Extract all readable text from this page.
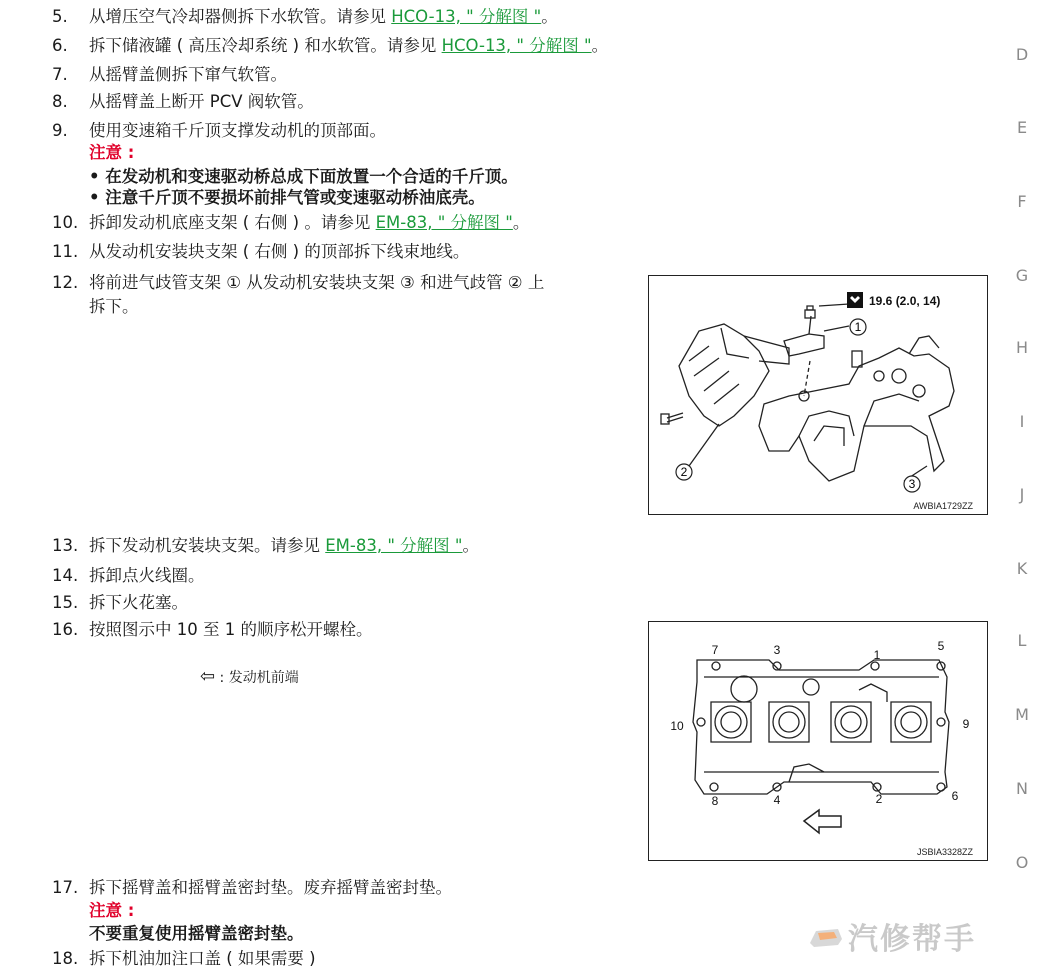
5. 从增压空气冷却器侧拆下水软管。请参见 HCO-13, " 分解图 "。
6. 拆下储液罐 ( 高压冷却系统 ) 和水软管。请参见 HCO-13, " 分解图 "。
7. 从摇臂盖侧拆下窜气软管。
8. 从摇臂盖上断开 PCV 阀软管。
9. 使用变速箱千斤顶支撑发动机的顶部面。
注意 :
• 在发动机和变速驱动桥总成下面放置一个合适的千斤顶。
• 注意千斤顶不要损坏前排气管或变速驱动桥油底壳。
10. 拆卸发动机底座支架 ( 右侧 ) 。请参见 EM-83, " 分解图 "。
11. 从发动机安装块支架 ( 右侧 ) 的顶部拆下线束地线。
12. 将前进气歧管支架 ① 从发动机安装块支架 ③ 和进气歧管 ② 上
拆下。
13. 拆下发动机安装块支架。请参见 EM-83, " 分解图 "。
14. 拆卸点火线圈。
15. 拆下火花塞。
16. 按照图示中 10 至 1 的顺序松开螺栓。
⇦ : 发动机前端
17. 拆下摇臂盖和摇臂盖密封垫。废弃摇臂盖密封垫。
注意 :
不要重复使用摇臂盖密封垫。
18. 拆下机油加注口盖 ( 如果需要 )
1
2
3
19.6 (2.0, 14)
AWBIA1729ZZ
7	3	1
5
10	9
8	4	2	6
JSBIA3328ZZ
D
E
F
G
H
I
J
K
L
M
N
O
汽修帮手
